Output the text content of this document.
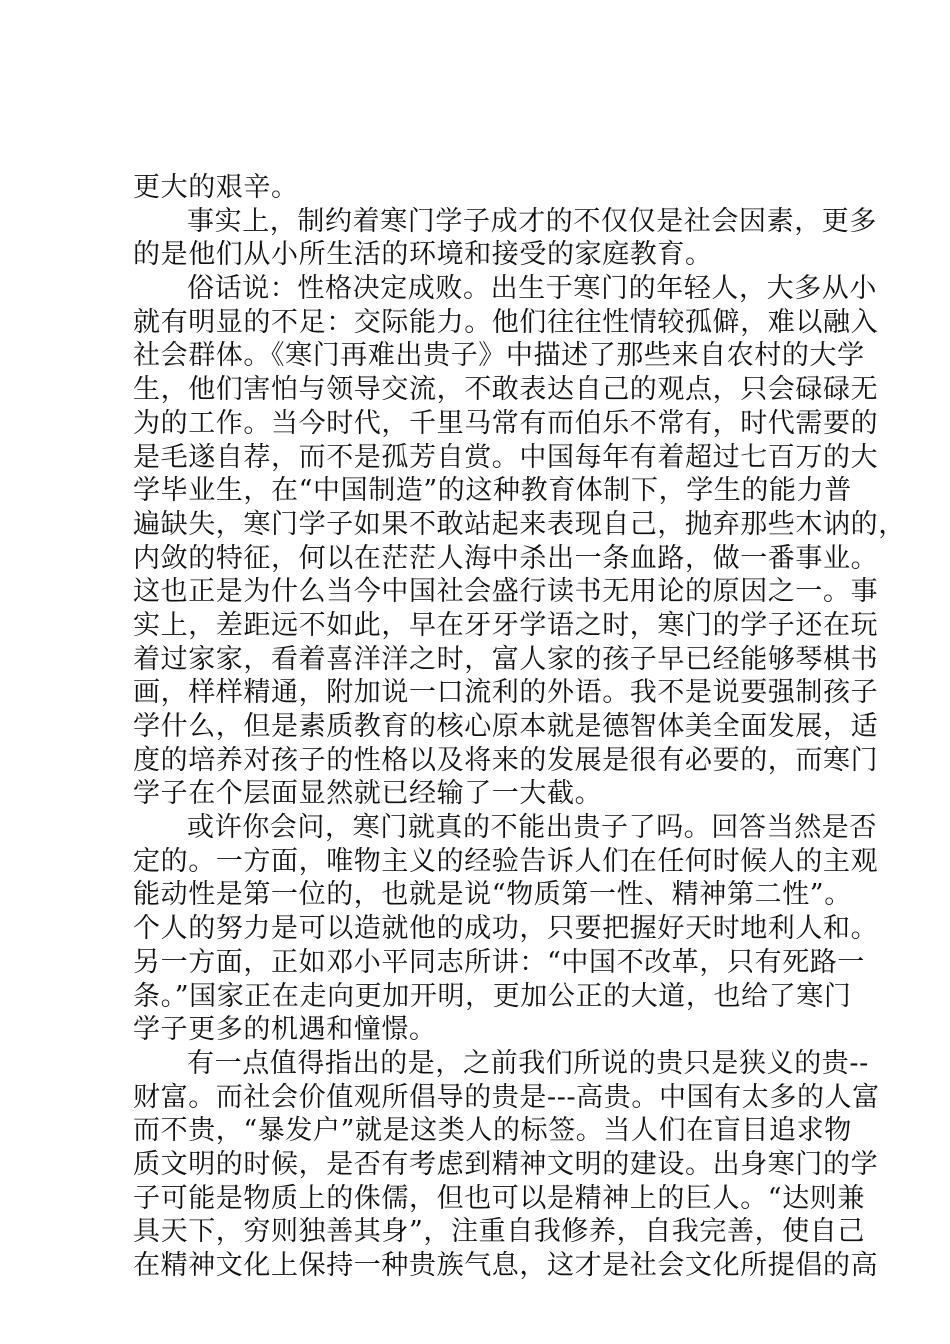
更大的艰辛。
事实上，制约着寒门学子成才的不仅仅是社会因素，更多
的是他们从小所生活的环境和接受的家庭教育。
俗话说：性格决定成败。出生于寒门的年轻人，大多从小
就有明显的不足：交际能力。他们往往性情较孤僻，难以融入
社会群体。《寒门再难出贵子》中描述了那些来自农村的大学
生，他们害怕与领导交流，不敢表达自己的观点，只会碌碌无
为的工作。当今时代，千里马常有而伯乐不常有，时代需要的
是毛遂自荐，而不是孤芳自赏。中国每年有着超过七百万的大
学毕业生，在“中国制造”的这种教育体制下，学生的能力普
遍缺失，寒门学子如果不敢站起来表现自己，抛弃那些木讷的，
内敛的特征，何以在茫茫人海中杀出一条血路，做一番事业。
这也正是为什么当今中国社会盛行读书无用论的原因之一。事
实上，差距远不如此，早在牙牙学语之时，寒门的学子还在玩
着过家家，看着喜洋洋之时，富人家的孩子早已经能够琴棋书
画，样样精通，附加说一口流利的外语。我不是说要强制孩子
学什么，但是素质教育的核心原本就是德智体美全面发展，适
度的培养对孩子的性格以及将来的发展是很有必要的，而寒门
学子在个层面显然就已经输了一大截。
或许你会问，寒门就真的不能出贵子了吗。回答当然是否
定的。一方面，唯物主义的经验告诉人们在任何时候人的主观
能动性是第一位的，也就是说“物质第一性、精神第二性”。
个人的努力是可以造就他的成功，只要把握好天时地利人和。
另一方面，正如邓小平同志所讲：“中国不改革，只有死路一
条。”国家正在走向更加开明，更加公正的大道，也给了寒门
学子更多的机遇和憧憬。
有一点值得指出的是，之前我们所说的贵只是狭义的贵--
财富。而社会价值观所倡导的贵是---高贵。中国有太多的人富
而不贵，“暴发户”就是这类人的标签。当人们在盲目追求物
质文明的时候，是否有考虑到精神文明的建设。出身寒门的学
子可能是物质上的侏儒，但也可以是精神上的巨人。“达则兼
具天下，穷则独善其身”，注重自我修养，自我完善，使自己
在精神文化上保持一种贵族气息，这才是社会文化所提倡的高
